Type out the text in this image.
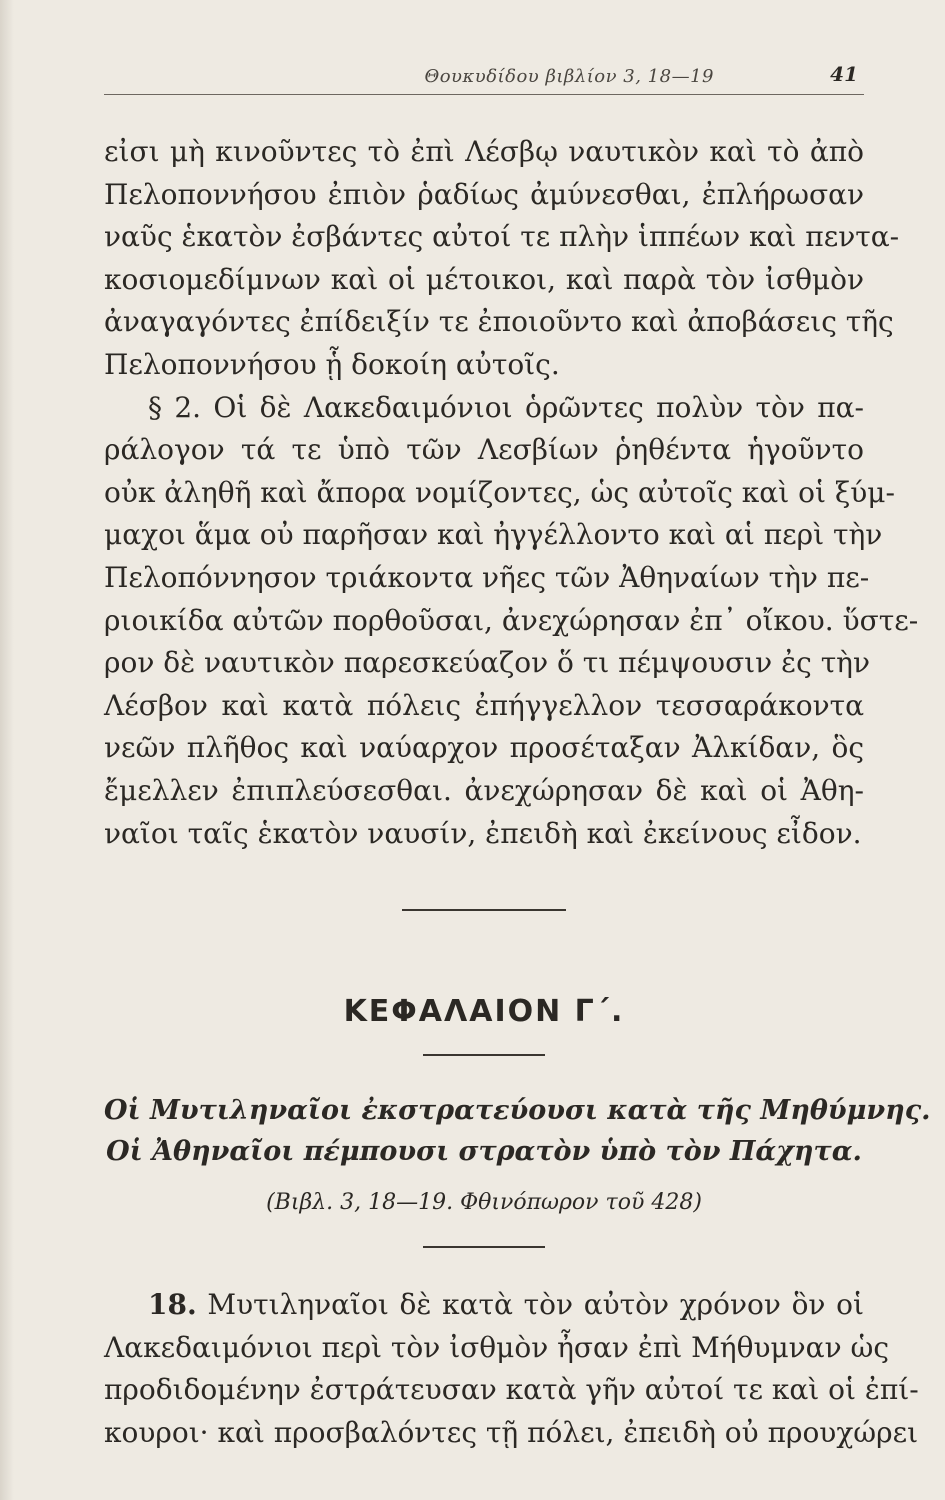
Θουκυδίδου βιβλίον 3, 18—19	41
εἰσι μὴ κινοῦντες τὸ ἐπὶ Λέσβῳ ναυτικὸν καὶ τὸ ἀπὸ
Πελοποννήσου ἐπιὸν ῥαδίως ἀμύνεσθαι, ἐπλήρωσαν
ναῦς ἑκατὸν ἐσβάντες αὐτοί τε πλὴν ἱππέων καὶ πεντα-
κοσιομεδίμνων καὶ οἱ μέτοικοι, καὶ παρὰ τὸν ἰσθμὸν
ἀναγαγόντες ἐπίδειξίν τε ἐποιοῦντο καὶ ἀποβάσεις τῆς
Πελοποννήσου ᾗ δοκοίη αὐτοῖς.
§ 2. Οἱ δὲ Λακεδαιμόνιοι ὁρῶντες πολὺν τὸν πα-
ράλογον τά τε ὑπὸ τῶν Λεσβίων ῥηθέντα ἡγοῦντο
οὐκ ἀληθῆ καὶ ἄπορα νομίζοντες, ὡς αὐτοῖς καὶ οἱ ξύμ-
μαχοι ἅμα οὐ παρῆσαν καὶ ἠγγέλλοντο καὶ αἱ περὶ τὴν
Πελοπόννησον τριάκοντα νῆες τῶν Ἀθηναίων τὴν πε-
ριοικίδα αὐτῶν πορθοῦσαι, ἀνεχώρησαν ἐπ᾽ οἴκου. ὕστε-
ρον δὲ ναυτικὸν παρεσκεύαζον ὅ τι πέμψουσιν ἐς τὴν
Λέσβον καὶ κατὰ πόλεις ἐπήγγελλον τεσσαράκοντα
νεῶν πλῆθος καὶ ναύαρχον προσέταξαν Ἀλκίδαν, ὃς
ἔμελλεν ἐπιπλεύσεσθαι. ἀνεχώρησαν δὲ καὶ οἱ Ἀθη-
ναῖοι ταῖς ἑκατὸν ναυσίν, ἐπειδὴ καὶ ἐκείνους εἶδον.
ΚΕΦΑΛΑΙΟΝ Γ΄.
Οἱ Μυτιληναῖοι ἐκστρατεύουσι κατὰ τῆς Μηθύμνης.
Οἱ Ἀθηναῖοι πέμπουσι στρατὸν ὑπὸ τὸν Πάχητα.
(Βιβλ. 3, 18—19. Φθινόπωρον τοῦ 428)
18. Μυτιληναῖοι δὲ κατὰ τὸν αὐτὸν χρόνον ὃν οἱ
Λακεδαιμόνιοι περὶ τὸν ἰσθμὸν ἦσαν ἐπὶ Μήθυμναν ὡς
προδιδομένην ἐστράτευσαν κατὰ γῆν αὐτοί τε καὶ οἱ ἐπί-
κουροι· καὶ προσβαλόντες τῇ πόλει, ἐπειδὴ οὐ προυχώρει
